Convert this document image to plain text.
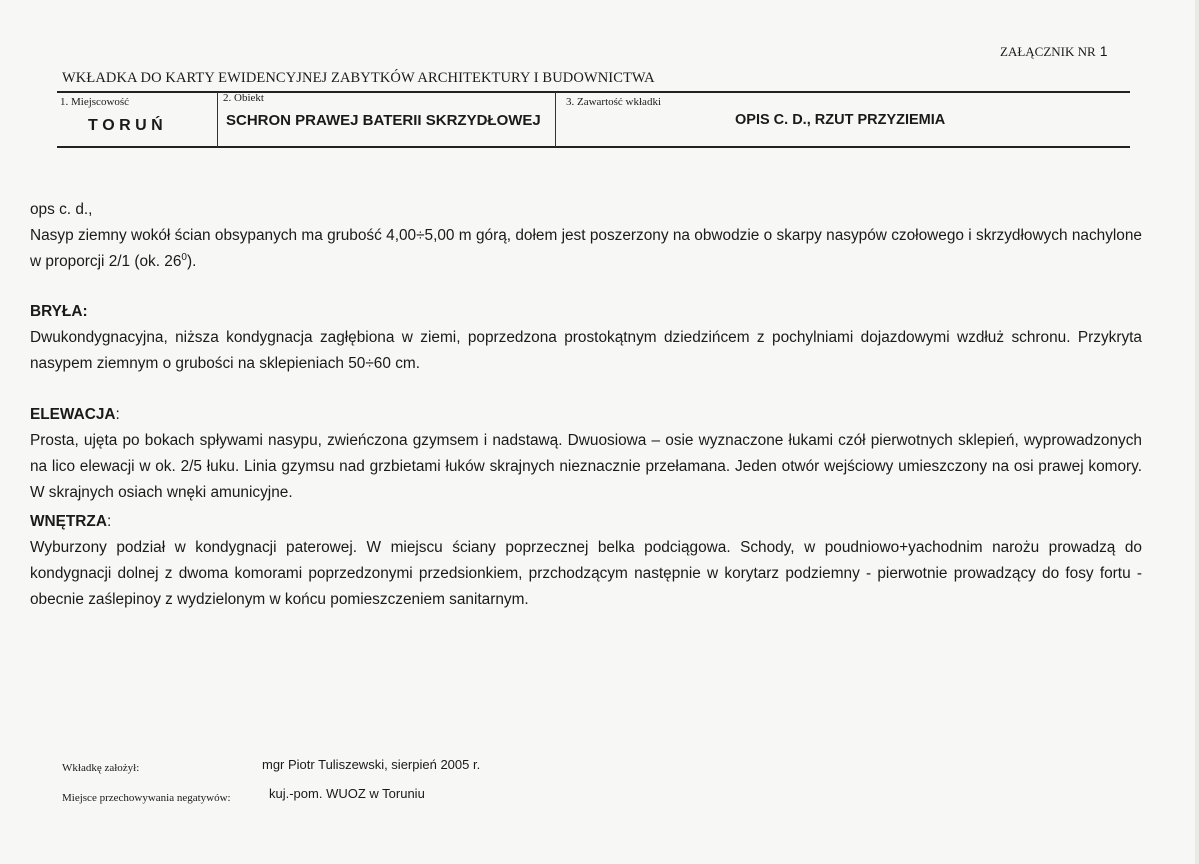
ZAŁĄCZNIK NR 1
WKŁADKA DO KARTY EWIDENCYJNEJ ZABYTKÓW ARCHITEKTURY I BUDOWNICTWA
1. Miejscowość
T O R U Ń
2. Obiekt
SCHRON PRAWEJ BATERII SKRZYDŁOWEJ
3. Zawartość wkładki
OPIS C. D., RZUT PRZYZIEMIA

ops c. d.,

Nasyp ziemny wokół ścian obsypanych ma grubość 4,00÷5,00 m górą, dołem jest poszerzony na obwodzie o skarpy nasypów czołowego i skrzydłowych nachylone w proporcji 2/1 (ok. $26^0$).

BRYŁA:

Dwukondygnacyjna, niższa kondygnacja zagłębiona w ziemi, poprzedzona prostokątnym dziedzińcem z pochylniami dojazdowymi wzdłuż schronu. Przykryta nasypem ziemnym o grubości na sklepieniach 50÷60 cm.

ELEWACJA:

Prosta, ujęta po bokach spływami nasypu, zwieńczona gzymsem i nadstawą. Dwuosiowa – osie wyznaczone łukami czół pierwotnych sklepień, wyprowadzonych na lico elewacji w ok. 2/5 łuku. Linia gzymsu nad grzbietami łuków skrajnych nieznacznie przełamana. Jeden otwór wejściowy umieszczony na osi prawej komory. W skrajnych osiach wnęki amunicyjne.

WNĘTRZA:

Wyburzony podział w kondygnacji paterowej. W miejscu ściany poprzecznej belka podciągowa. Schody, w poudniowo+yachodnim narożu prowadzą do kondygnacji dolnej z dwoma komorami poprzedzonymi przedsionkiem, przchodzącym następnie w korytarz podziemny - pierwotnie prowadzący do fosy fortu - obecnie zaślepinoy z wydzielonym w końcu pomieszczeniem sanitarnym.

Wkładkę założył:	mgr Piotr Tuliszewski, sierpień 2005 r.
Miejsce przechowywania negatywów:	kuj.-pom. WUOZ w Toruniu
